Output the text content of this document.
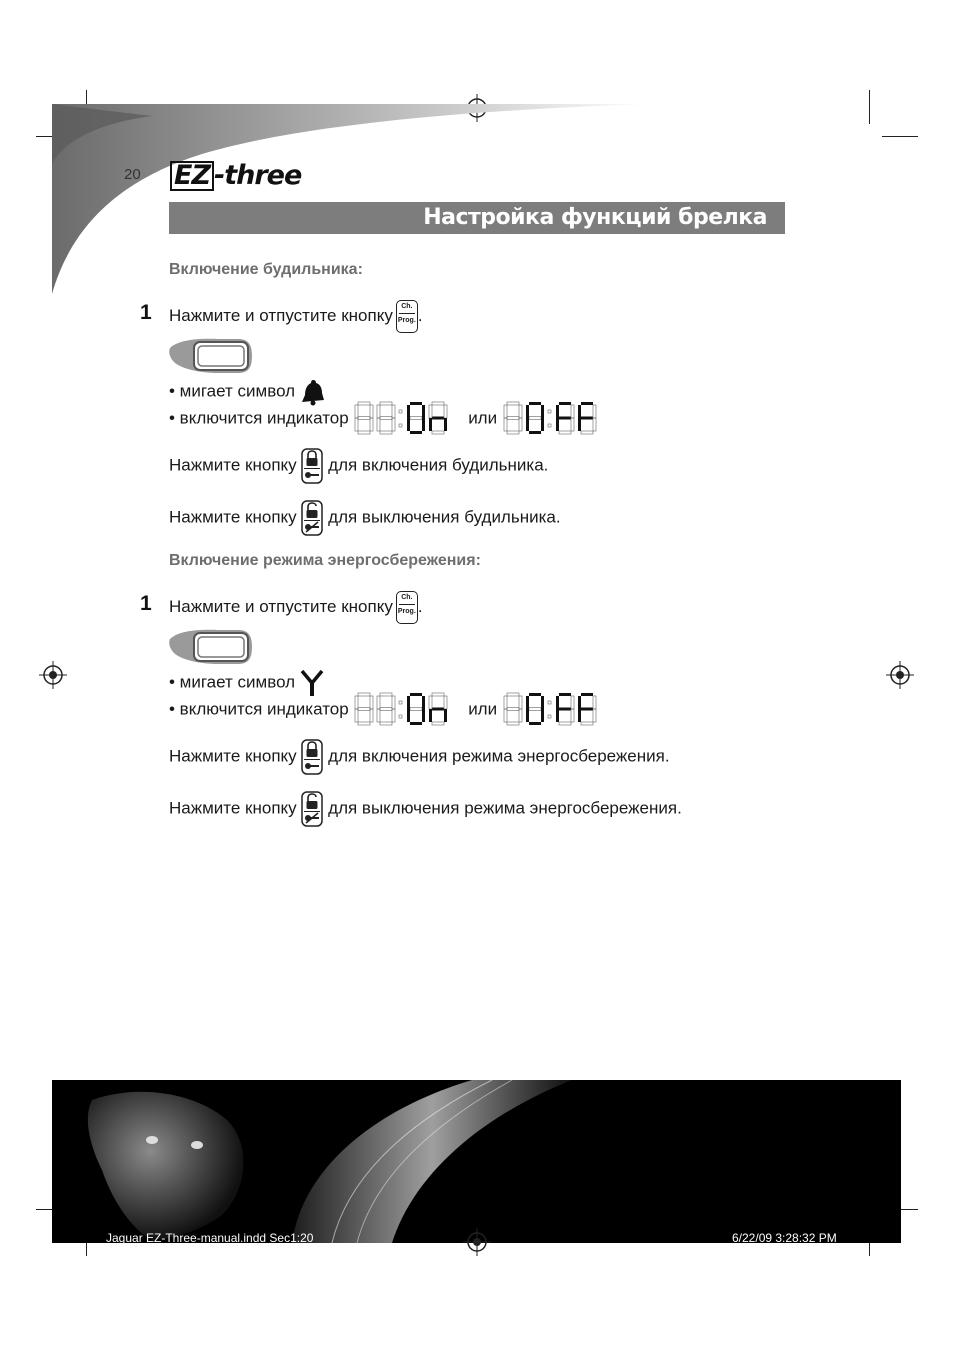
20 EZ -three
Настройка функций брелка
Включение будильника:
1 Нажмите и отпустите кнопку Ch.
Prog. .
• мигает символ
• включится индикатор	или
Нажмите кнопку для включения будильника.
Нажмите кнопку для выключения будильника.
Включение режима энергосбережения:
1 Нажмите и отпустите кнопку Ch.
Prog. .
• мигает символ
• включится индикатор	или
Нажмите кнопку для включения режима энергосбережения.
Нажмите кнопку для выключения режима энергосбережения.
Jaguar EZ-Three-manual.indd Sec1:20	6/22/09 3:28:32 PM
